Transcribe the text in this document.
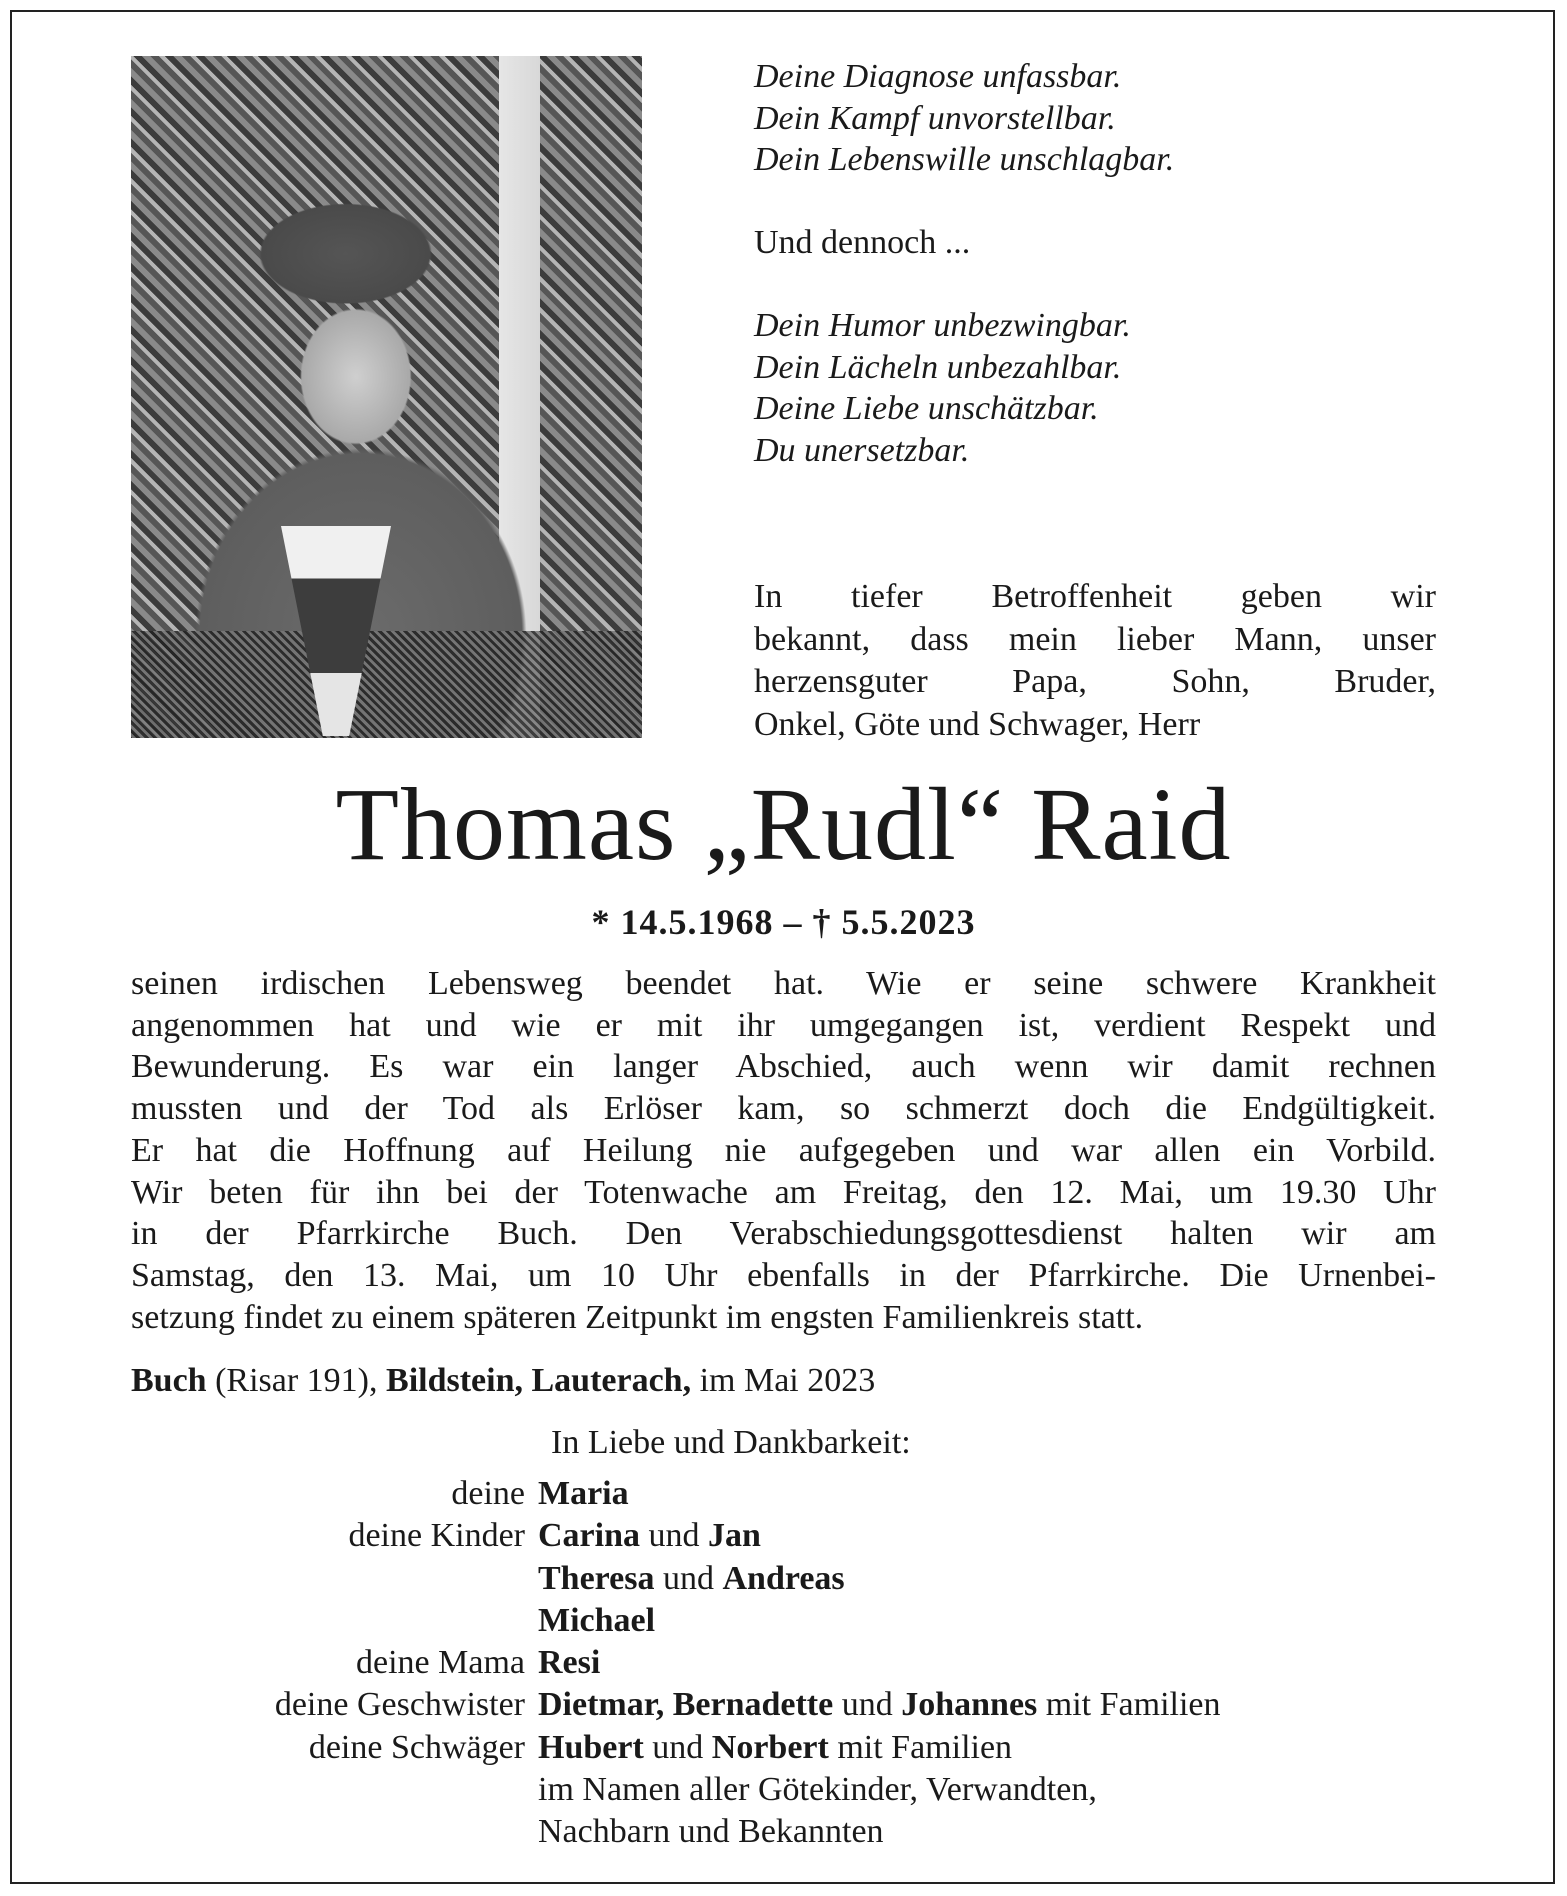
Deine Diagnose unfassbar.
Dein Kampf unvorstellbar.
Dein Lebenswille unschlagbar.
Und dennoch ...
Dein Humor unbezwingbar.
Dein Lächeln unbezahlbar.
Deine Liebe unschätzbar.
Du unersetzbar.
In tiefer Betroffenheit geben wir
bekannt, dass mein lieber Mann, unser
herzensguter Papa, Sohn, Bruder,
Onkel, Göte und Schwager, Herr
Thomas „Rudl“ Raid
* 14.5.1968 – † 5.5.2023
seinen irdischen Lebensweg beendet hat. Wie er seine schwere Krankheit
angenommen hat und wie er mit ihr umgegangen ist, verdient Respekt und
Bewunderung. Es war ein langer Abschied, auch wenn wir damit rechnen
mussten und der Tod als Erlöser kam, so schmerzt doch die Endgültigkeit.
Er hat die Hoffnung auf Heilung nie aufgegeben und war allen ein Vorbild.
Wir beten für ihn bei der Totenwache am Freitag, den 12. Mai, um 19.30 Uhr
in der Pfarrkirche Buch. Den Verabschiedungsgottesdienst halten wir am
Samstag, den 13. Mai, um 10 Uhr ebenfalls in der Pfarrkirche. Die Urnenbei-
setzung findet zu einem späteren Zeitpunkt im engsten Familienkreis statt.
Buch (Risar 191), Bildstein, Lauterach, im Mai 2023
In Liebe und Dankbarkeit:
deine Maria
deine Kinder Carina und Jan
Theresa und Andreas
Michael
deine Mama Resi
deine Geschwister Dietmar, Bernadette und Johannes mit Familien
deine Schwäger Hubert und Norbert mit Familien
im Namen aller Götekinder, Verwandten,
Nachbarn und Bekannten
